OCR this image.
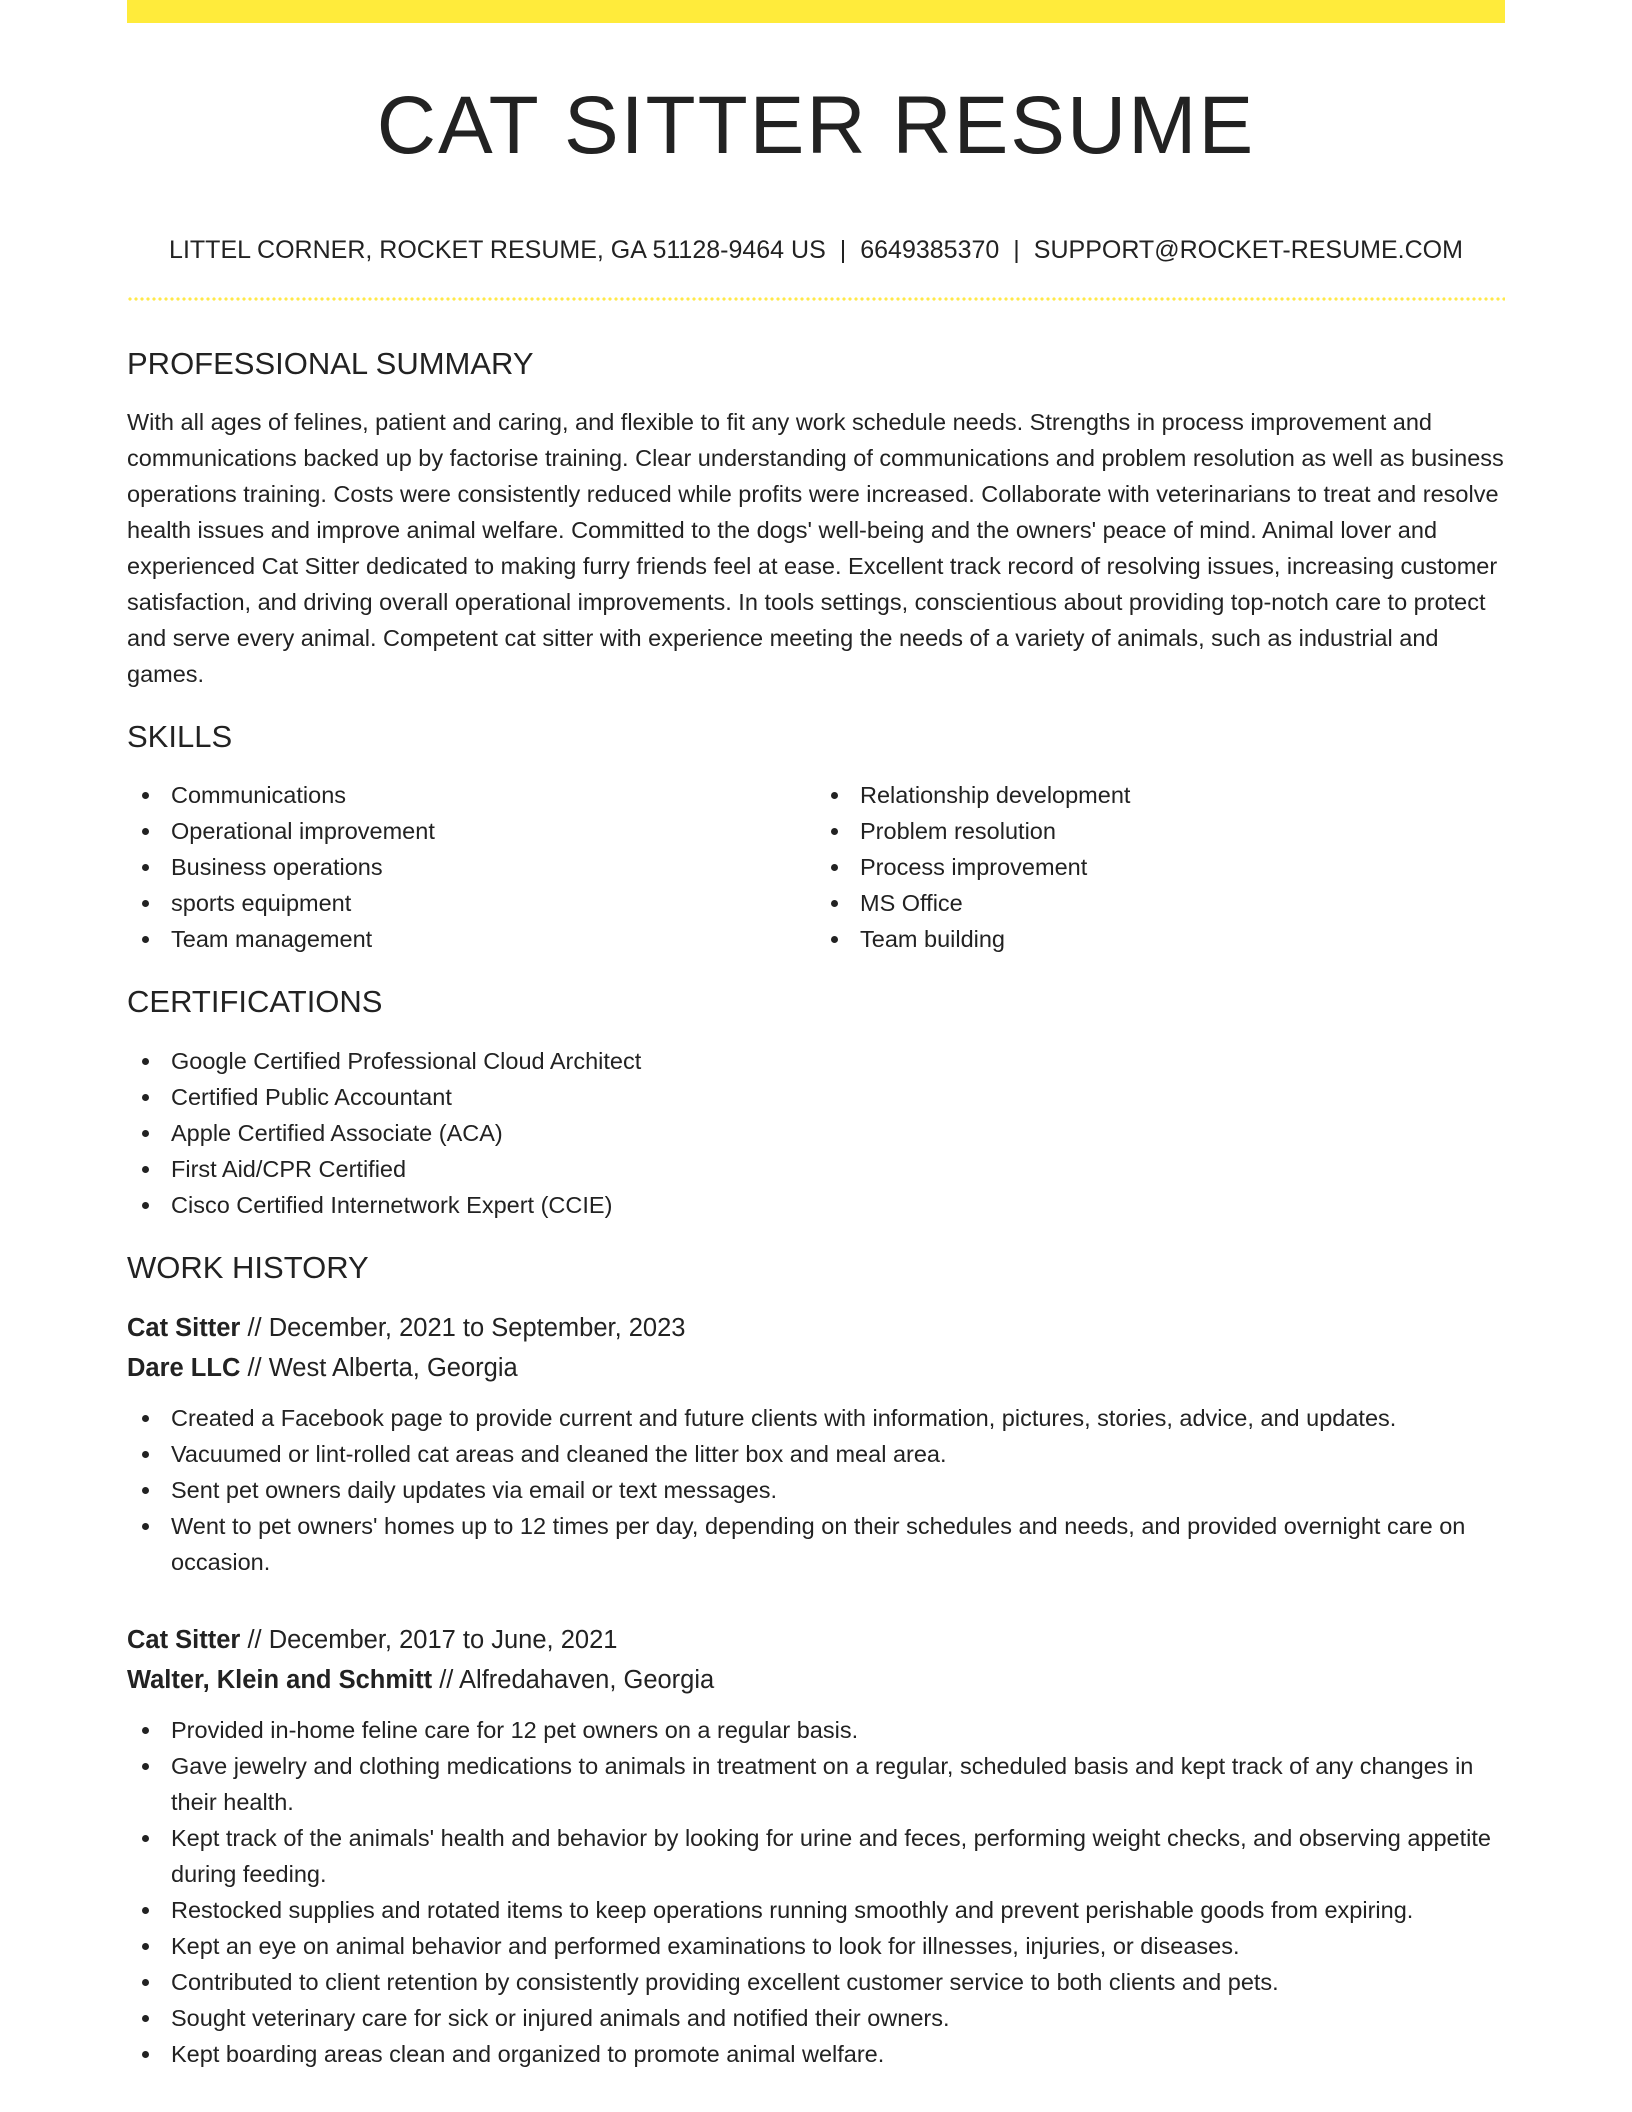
CAT SITTER RESUME
LITTEL CORNER, ROCKET RESUME, GA 51128-9464 US | 6649385370 | SUPPORT@ROCKET-RESUME.COM
PROFESSIONAL SUMMARY

With all ages of felines, patient and caring, and flexible to fit any work schedule needs. Strengths in process improvement and communications backed up by factorise training. Clear understanding of communications and problem resolution as well as business operations training. Costs were consistently reduced while profits were increased. Collaborate with veterinarians to treat and resolve health issues and improve animal welfare. Committed to the dogs' well-being and the owners' peace of mind. Animal lover and experienced Cat Sitter dedicated to making furry friends feel at ease. Excellent track record of resolving issues, increasing customer satisfaction, and driving overall operational improvements. In tools settings, conscientious about providing top-notch care to protect and serve every animal. Competent cat sitter with experience meeting the needs of a variety of animals, such as industrial and games.

SKILLS
Communications
Operational improvement
Business operations
sports equipment
Team management
Relationship development
Problem resolution
Process improvement
MS Office
Team building
CERTIFICATIONS
Google Certified Professional Cloud Architect
Certified Public Accountant
Apple Certified Associate (ACA)
First Aid/CPR Certified
Cisco Certified Internetwork Expert (CCIE)
WORK HISTORY
Cat Sitter // December, 2021 to September, 2023
Dare LLC // West Alberta, Georgia
Created a Facebook page to provide current and future clients with information, pictures, stories, advice, and updates.
Vacuumed or lint-rolled cat areas and cleaned the litter box and meal area.
Sent pet owners daily updates via email or text messages.
Went to pet owners' homes up to 12 times per day, depending on their schedules and needs, and provided overnight care on occasion.
Cat Sitter // December, 2017 to June, 2021
Walter, Klein and Schmitt // Alfredahaven, Georgia
Provided in-home feline care for 12 pet owners on a regular basis.
Gave jewelry and clothing medications to animals in treatment on a regular, scheduled basis and kept track of any changes in their health.
Kept track of the animals' health and behavior by looking for urine and feces, performing weight checks, and observing appetite during feeding.
Restocked supplies and rotated items to keep operations running smoothly and prevent perishable goods from expiring.
Kept an eye on animal behavior and performed examinations to look for illnesses, injuries, or diseases.
Contributed to client retention by consistently providing excellent customer service to both clients and pets.
Sought veterinary care for sick or injured animals and notified their owners.
Kept boarding areas clean and organized to promote animal welfare.
